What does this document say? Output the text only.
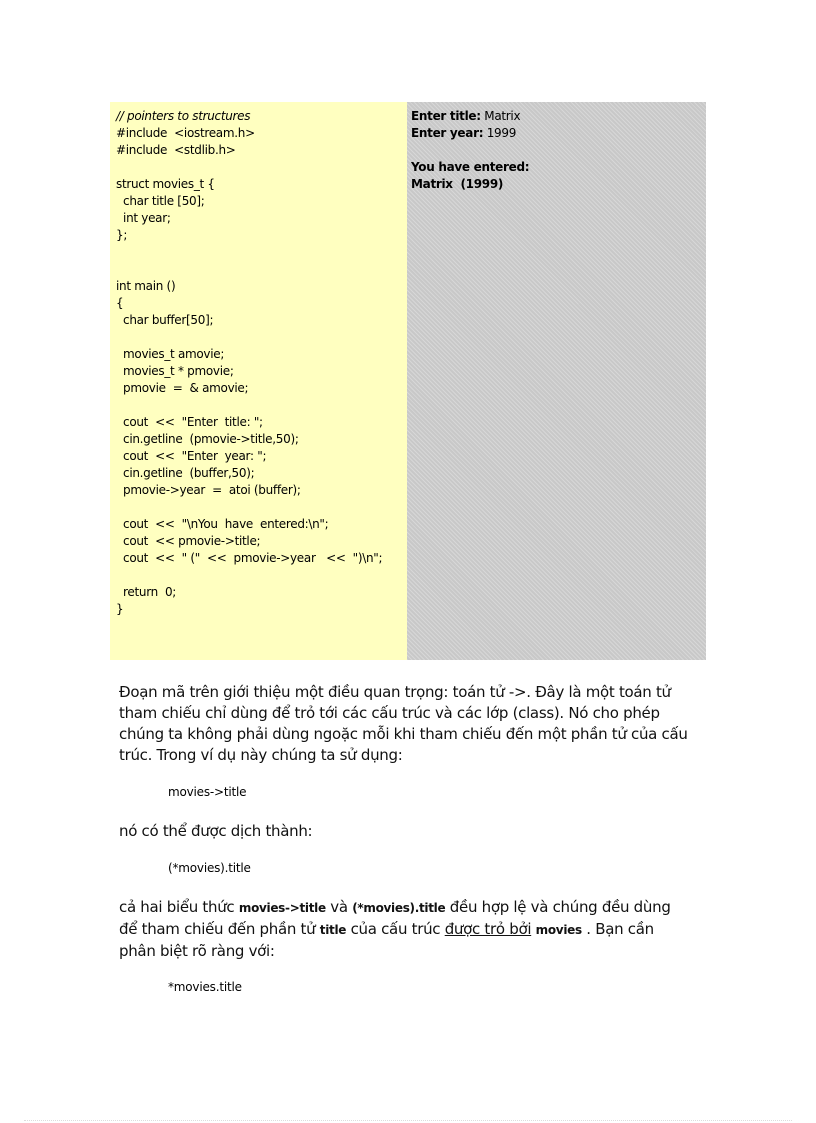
// pointers to structures
#include  <iostream.h>
#include  <stdlib.h>
struct movies_t {
char title [50];
int year;
};
int main ()
{
char buffer[50];
movies_t amovie;
movies_t * pmovie;
pmovie  =  & amovie;
cout  <<  "Enter  title: ";
cin.getline  (pmovie->title,50);
cout  <<  "Enter  year: ";
cin.getline  (buffer,50);
pmovie->year  =  atoi (buffer);
cout  <<  "\nYou  have  entered:\n";
cout  << pmovie->title;
cout  <<  " ("  <<  pmovie->year   <<  ")\n";
return  0;
}
Enter title: Matrix
Enter year: 1999
You have entered:
Matrix  (1999)
Đoạn mã trên giới thiệu một điều quan trọng: toán tử ->. Đây là một toán tử tham chiếu chỉ dùng để trỏ tới các cấu trúc và các lớp (class). Nó cho phép chúng ta không phải dùng ngoặc mỗi khi tham chiếu đến một phần tử của cấu trúc. Trong ví dụ này chúng ta sử dụng:
movies->title
nó có thể được dịch thành:
(*movies).title
cả hai biểu thức movies->title và (*movies).title đều hợp lệ và chúng đều dùng để tham chiếu đến phần tử title của cấu trúc được trỏ bởi movies . Bạn cần phân biệt rõ ràng với:
*movies.title
